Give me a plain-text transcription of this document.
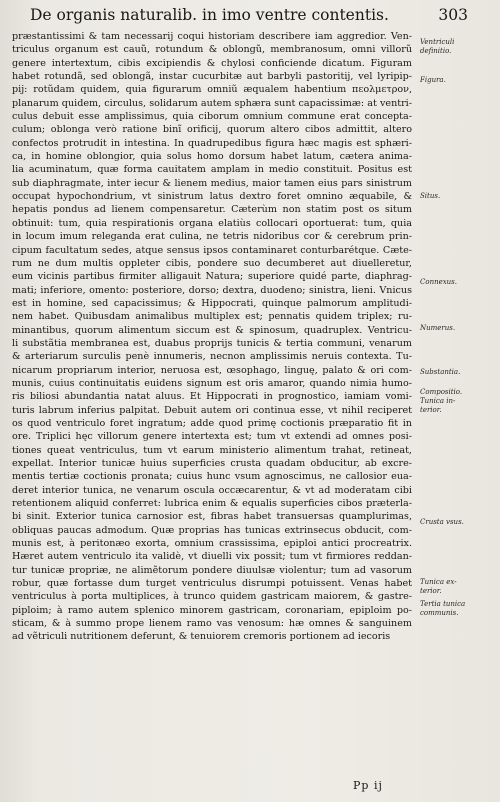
De organis naturalib. in imo ventre contentis.	303
præstantissimi & tam necessarij coqui historiam describere iam aggredior. Ven-
triculus organum est cauũ, rotundum & oblongũ, membranosum, omni villorũ
genere intertextum, cibis excipiendis & chylosi conficiende dicatum. Figuram
habet rotundã, sed oblongã, instar cucurbitæ aut barbyli pastoritij, vel lyripip-
pij: rotũdam quidem, quia figurarum omniũ æqualem habentium πεολμετρον,
planarum quidem, circulus, solidarum autem sphæra sunt capacissimæ: at ventri-
culus debuit esse amplissimus, quia ciborum omnium commune erat concepta-
culum; oblonga verò ratione binĩ orificij, quorum altero cibos admittit, altero
confectos protrudit in intestina. In quadrupedibus figura hæc magis est sphæri-
ca, in homine oblongior, quia solus homo dorsum habet latum, cætera anima-
lia acuminatum, quæ forma cauitatem amplam in medio constituit. Positus est
sub diaphragmate, inter iecur & lienem medius, maior tamen eius pars sinistrum
occupat hypochondrium, vt sinistrum latus dextro foret omnino æquabile, &
hepatis pondus ad lienem compensaretur. Cæterùm non statim post os situm
obtinuit: tum, quia respirationis organa elatiùs collocari oportuerat: tum, quia
in locum imum releganda erat culina, ne tetris nidoribus cor & cerebrum prin-
cipum facultatum sedes, atque sensus ipsos contaminaret conturbarétque. Cæte-
rum ne dum multis oppleter cibis, pondere suo decumberet aut diuelleretur,
eum vicinis partibus firmiter alligauit Natura; superiore quidé parte, diaphrag-
mati; inferiore, omento: posteriore, dorso; dextra, duodeno; sinistra, lieni. Vnicus
est in homine, sed capacissimus; & Hippocrati, quinque palmorum amplitudi-
nem habet. Quibusdam animalibus multiplex est; pennatis quidem triplex; ru-
minantibus, quorum alimentum siccum est & spinosum, quadruplex. Ventricu-
li substãtia membranea est, duabus proprijs tunicis & tertia communi, venarum
& arteriarum surculis penè innumeris, necnon amplissimis neruis contexta. Tu-
nicarum propriarum interior, neruosa est, œsophago, linguę, palato & ori com-
munis, cuius continuitatis euidens signum est oris amaror, quando nimia humo-
ris biliosi abundantia natat aluus. Et Hippocrati in prognostico, iamiam vomi-
turis labrum inferius palpitat. Debuit autem ori continua esse, vt nihil reciperet
os quod ventriculo foret ingratum; adde quod primę coctionis præparatio fit in
ore. Triplici hęc villorum genere intertexta est; tum vt extendi ad omnes posi-
tiones queat ventriculus, tum vt earum ministerio alimentum trahat, retineat,
expellat. Interior tunicæ huius superficies crusta quadam obducitur, ab excre-
mentis tertiæ coctionis pronata; cuius hunc vsum agnoscimus, ne callosior eua-
deret interior tunica, ne venarum oscula occæcarentur, & vt ad moderatam cibi
retentionem aliquid conferret: lubrica enim & equalis superficies cibos præterla-
bi sinit. Exterior tunica carnosior est, fibras habet transuersas quamplurimas,
obliquas paucas admodum. Quæ proprias has tunicas extrinsecus obducit, com-
munis est, à peritonæo exorta, omnium crassissima, epiploi antici procreatrix.
Hæret autem ventriculo ita validè, vt diuelli vix possit; tum vt firmiores reddan-
tur tunicæ propriæ, ne alimẽtorum pondere diuulsæ violentur; tum ad vasorum
robur, quæ fortasse dum turget ventriculus disrumpi potuissent. Venas habet
ventriculus à porta multiplices, à trunco quidem gastricam maiorem, & gastre-
piploim; à ramo autem splenico minorem gastricam, coronariam, epiploim po-
sticam, & à summo prope lienem ramo vas venosum: hæ omnes & sanguinem
ad vẽtriculi nutritionem deferunt, & tenuiorem cremoris portionem ad iecoris
Ventriculi
definitio.
Figura.
Situs.
Connexus.
Numerus.
Substantia.
Compositio.
Tunica in-
terior.
Crusta vsus.
Tunica ex-
terior.
Tertia tunica
communis.
Pp ij
